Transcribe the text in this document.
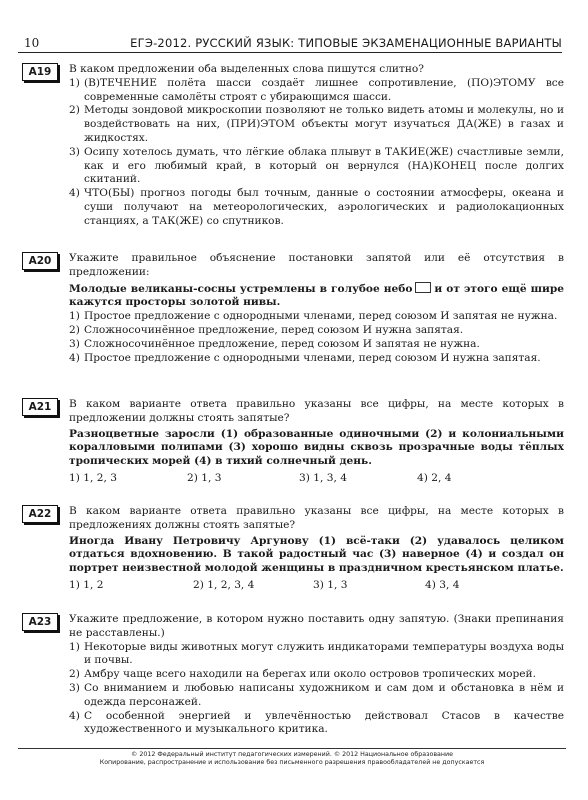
10	ЕГЭ-2012. РУССКИЙ ЯЗЫК: ТИПОВЫЕ ЭКЗАМЕНАЦИОННЫЕ ВАРИАНТЫ
А19	В каком предложении оба выделенных слова пишутся слитно?

1) (В)ТЕЧЕНИЕ полёта шасси создаёт лишнее сопротивление, (ПО)ЭТОМУ все современные самолёты строят с убирающимся шасси.
2) Методы зондовой микроскопии позволяют не только видеть атомы и молекулы, но и воздействовать на них, (ПРИ)ЭТОМ объекты могут изучаться ДА(ЖЕ) в газах и жидкостях.
3) Осипу хотелось думать, что лёгкие облака плывут в ТАКИЕ(ЖЕ) счастливые земли, как и его любимый край, в который он вернулся (НА)КОНЕЦ после долгих скитаний.
4) ЧТО(БЫ) прогноз погоды был точным, данные о состоянии атмосферы, океана и суши получают на метеорологических, аэрологических и радиолокационных станциях, а ТАК(ЖЕ) со спутников.
А20	Укажите правильное объяснение постановки запятой или её отсутствия в предложении:

Молодые великаны-сосны устремлены в голубое небо и от этого ещё шире кажутся просторы золотой нивы.

1) Простое предложение с однородными членами, перед союзом И запятая не нужна.
2) Сложносочинённое предложение, перед союзом И нужна запятая.
3) Сложносочинённое предложение, перед союзом И запятая не нужна.
4) Простое предложение с однородными членами, перед союзом И нужна запятая.
А21	В каком варианте ответа правильно указаны все цифры, на месте которых в предложении должны стоять запятые?

Разноцветные заросли (1) образованные одиночными (2) и колониальными коралловыми полипами (3) хорошо видны сквозь прозрачные воды тёплых тропических морей (4) в тихий солнечный день.

1) 1, 2, 3	2) 1, 3	3) 1, 3, 4	4) 2, 4
А22	В каком варианте ответа правильно указаны все цифры, на месте которых в предложениях должны стоять запятые?

Иногда Ивану Петровичу Аргунову (1) всё-таки (2) удавалось целиком отдаться вдохновению. В такой радостный час (3) наверное (4) и создал он портрет неизвестной молодой женщины в праздничном крестьянском платье.

1) 1, 2	2) 1, 2, 3, 4	3) 1, 3	4) 3, 4
А23	Укажите предложение, в котором нужно поставить одну запятую. (Знаки препинания не расставлены.)

1) Некоторые виды животных могут служить индикаторами температуры воздуха воды и почвы.
2) Амбру чаще всего находили на берегах или около островов тропических морей.
3) Со вниманием и любовью написаны художником и сам дом и обстановка в нём и одежда персонажей.
4) С особенной энергией и увлечённостью действовал Стасов в качестве художественного и музыкального критика.
© 2012 Федеральный институт педагогических измерений. © 2012 Национальное образование
Копирование, распространение и использование без письменного разрешения правообладателей не допускается
